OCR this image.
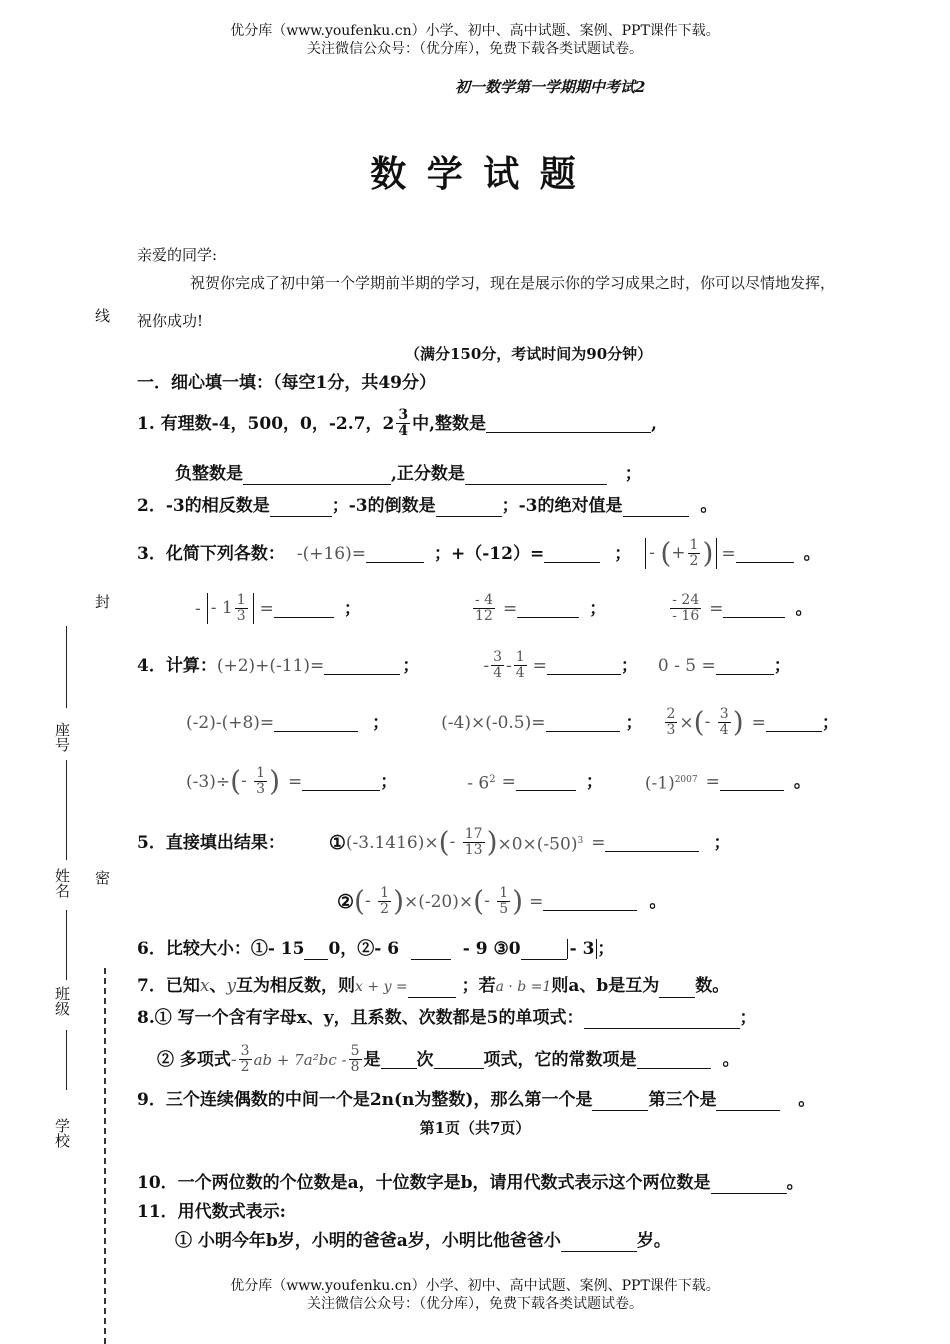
优分库（www.youfenku.cn）小学、初中、高中试题、案例、PPT课件下载。
关注微信公众号：（优分库），免费下载各类试题试卷。
初一数学第一学期期中考试2
数 学 试 题
亲爱的同学:
祝贺你完成了初中第一个学期前半期的学习，现在是展示你的学习成果之时，你可以尽情地发挥，
祝你成功!
线
封
密
座号
姓名
班级
学校
（满分150分，考试时间为90分钟）
一．细心填一填：（每空1分，共49分）
1. 有理数-4，500，0，-2.7，$2 \frac{3}{4}$ 中,整数是	,
负整数是	,正分数是	；
2．-3的相反数是	；-3的倒数是	；-3的绝对值是	。
3．化简下列各数： -(+16)=	；+（-12）=	； - (+ $\frac{1}{2}$ ) =	。
- - $1 \frac{1}{3}$ =	；	$\frac{- 4}{12}$ =	；	$\frac{- 24}{- 16}$ =	。
4．计算： (+2)+(-11)=	；	- $\frac{3}{4} - \frac{1}{4}$ =	； 0 - 5 =	；
(-2)-(+8)=	；	(-4)×(-0.5)=	； $\frac{2}{3}$ × (- $\frac{3}{4}$ ) =	；
(-3)÷ (- $\frac{1}{3}$ ) =	；	- $6^2$ =	； $(-1)^{2007}$ =	。
5．直接填出结果： ① (-3.1416)× (- $\frac{17}{13}$ ) $\times 0\times(-50)^3$ =	；
② (- $\frac{1}{2}$ ) ×(-20)× (- $\frac{1}{5}$ ) =	。
6．比较大小：①- 15 0，②- 6	- 9 ③0	- 3 ；
7．已知x、y互为相反数，则x + y =	；若a · b =1则a、b是互为 数。
8.① 写一个含有字母x、y，且系数、次数都是5的单项式：	；
② 多项式 - $\frac{3}{2}$ ab + $7a^2bc - \frac{5}{8}$ 是 次	项式，它的常数项是	。
9．三个连续偶数的中间一个是2n(n为整数)，那么第一个是	第三个是	。
第1页（共7页）
10．一个两位数的个位数是a，十位数字是b，请用代数式表示这个两位数是	。
11．用代数式表示:
① 小明今年b岁，小明的爸爸a岁，小明比他爸爸小	岁。
优分库（www.youfenku.cn）小学、初中、高中试题、案例、PPT课件下载。
关注微信公众号：（优分库），免费下载各类试题试卷。
